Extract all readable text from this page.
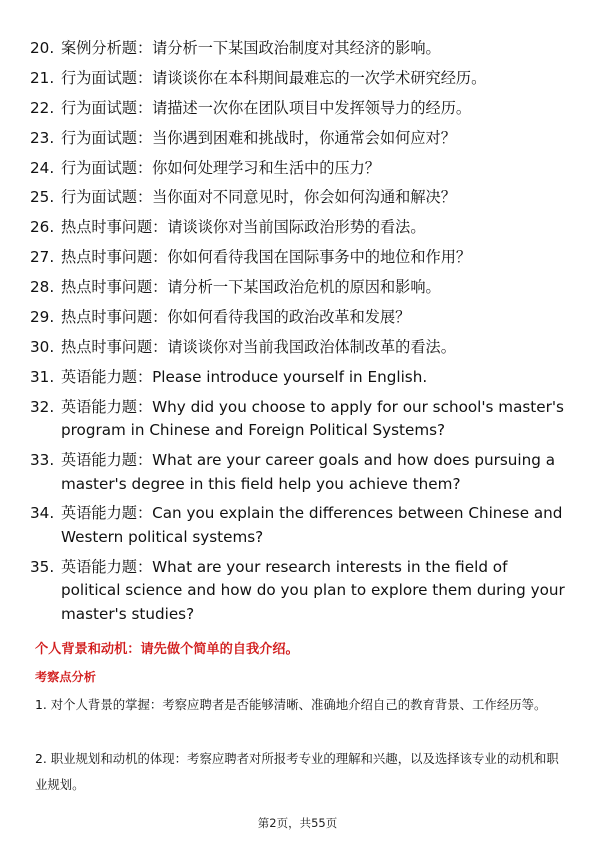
20. 案例分析题：请分析一下某国政治制度对其经济的影响。
21. 行为面试题：请谈谈你在本科期间最难忘的一次学术研究经历。
22. 行为面试题：请描述一次你在团队项目中发挥领导力的经历。
23. 行为面试题：当你遇到困难和挑战时，你通常会如何应对？
24. 行为面试题：你如何处理学习和生活中的压力？
25. 行为面试题：当你面对不同意见时，你会如何沟通和解决？
26. 热点时事问题：请谈谈你对当前国际政治形势的看法。
27. 热点时事问题：你如何看待我国在国际事务中的地位和作用？
28. 热点时事问题：请分析一下某国政治危机的原因和影响。
29. 热点时事问题：你如何看待我国的政治改革和发展？
30. 热点时事问题：请谈谈你对当前我国政治体制改革的看法。
31. 英语能力题：Please introduce yourself in English.
32. 英语能力题：Why did you choose to apply for our school's master's program in Chinese and Foreign Political Systems?
33. 英语能力题：What are your career goals and how does pursuing a master's degree in this field help you achieve them?
34. 英语能力题：Can you explain the differences between Chinese and Western political systems?
35. 英语能力题：What are your research interests in the field of political science and how do you plan to explore them during your master's studies?
个人背景和动机：请先做个简单的自我介绍。
考察点分析
1. 对个人背景的掌握：考察应聘者是否能够清晰、准确地介绍自己的教育背景、工作经历等。
2. 职业规划和动机的体现：考察应聘者对所报考专业的理解和兴趣，以及选择该专业的动机和职业规划。
第2页，共55页
